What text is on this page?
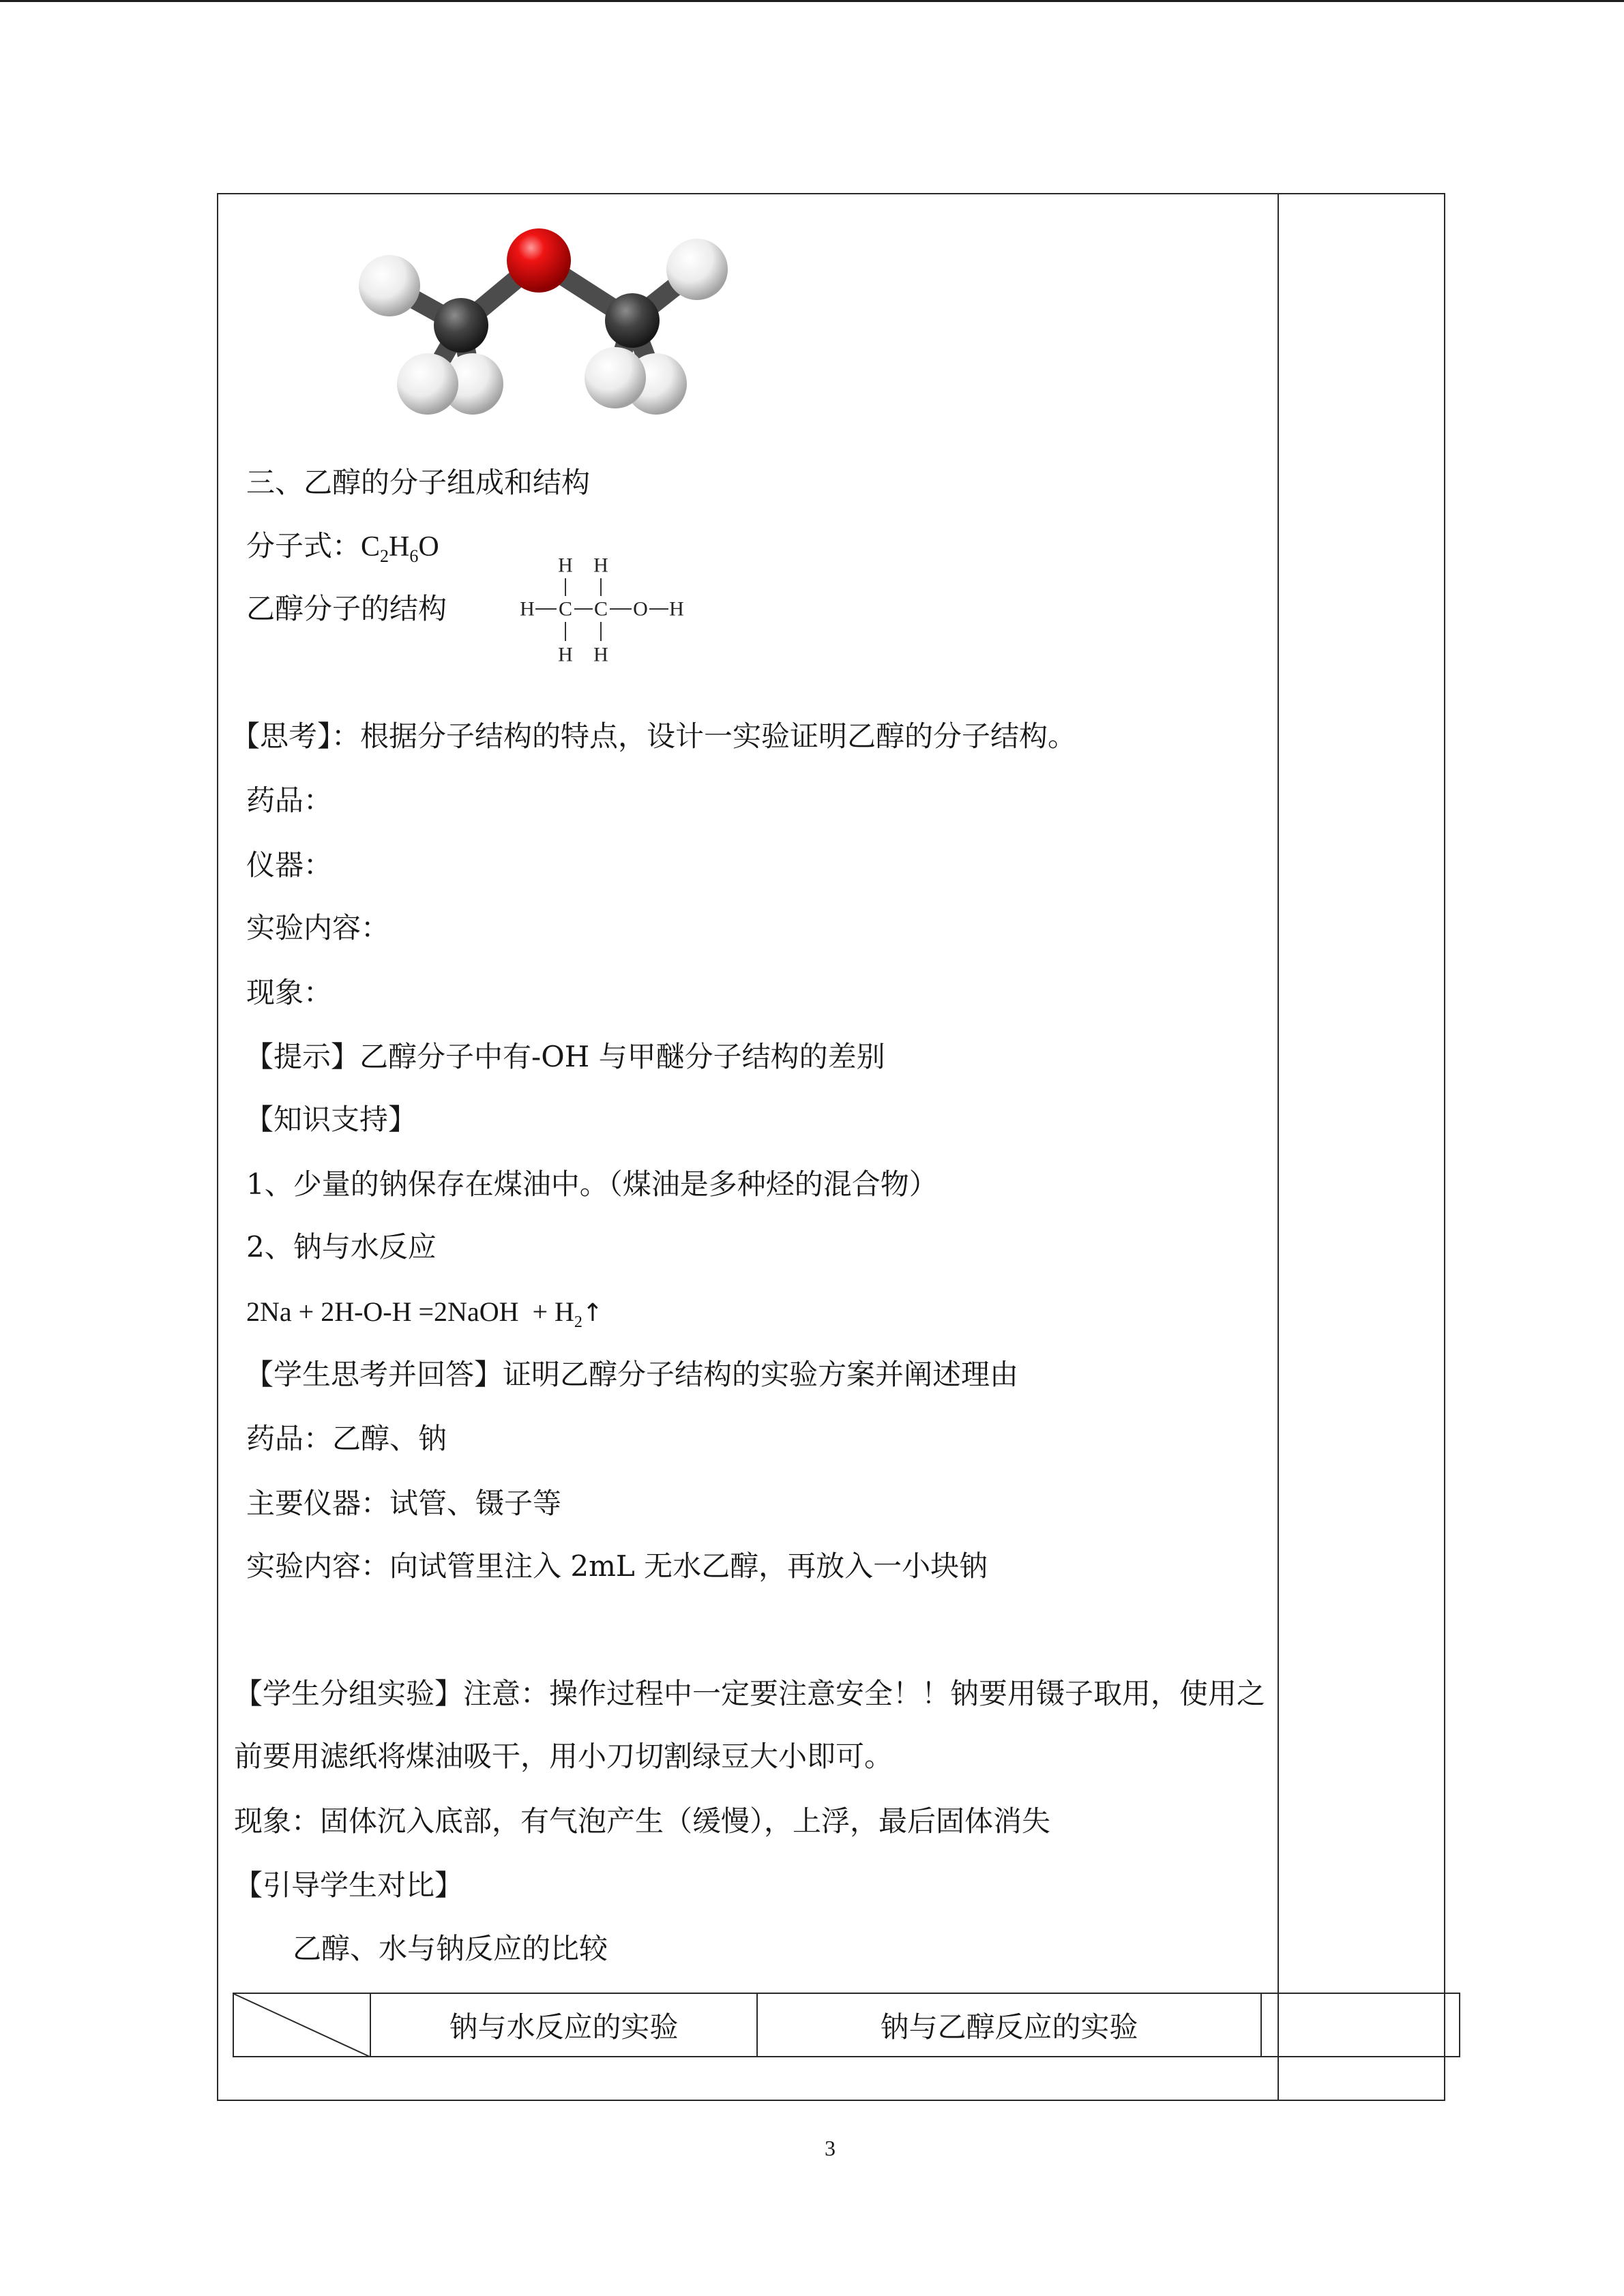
三、乙醇的分子组成和结构
分子式：$C_2H_6O$
乙醇分子的结构
H H
H C C O H
H H
【思考】：根据分子结构的特点，设计一实验证明乙醇的分子结构。
药品：
仪器：
实验内容：
现象：
【提示】乙醇分子中有-OH 与甲醚分子结构的差别
【知识支持】
1、少量的钠保存在煤油中。（煤油是多种烃的混合物）
2、钠与水反应
2Na + 2H-O-H =2NaOH  + $H_2↑$
【学生思考并回答】证明乙醇分子结构的实验方案并阐述理由
药品：乙醇、钠
主要仪器：试管、镊子等
实验内容：向试管里注入 2mL 无水乙醇，再放入一小块钠
【学生分组实验】注意：操作过程中一定要注意安全！！钠要用镊子取用，使用之
前要用滤纸将煤油吸干，用小刀切割绿豆大小即可。
现象：固体沉入底部，有气泡产生（缓慢），上浮，最后固体消失
【引导学生对比】
乙醇、水与钠反应的比较
钠与水反应的实验	钠与乙醇反应的实验
3
